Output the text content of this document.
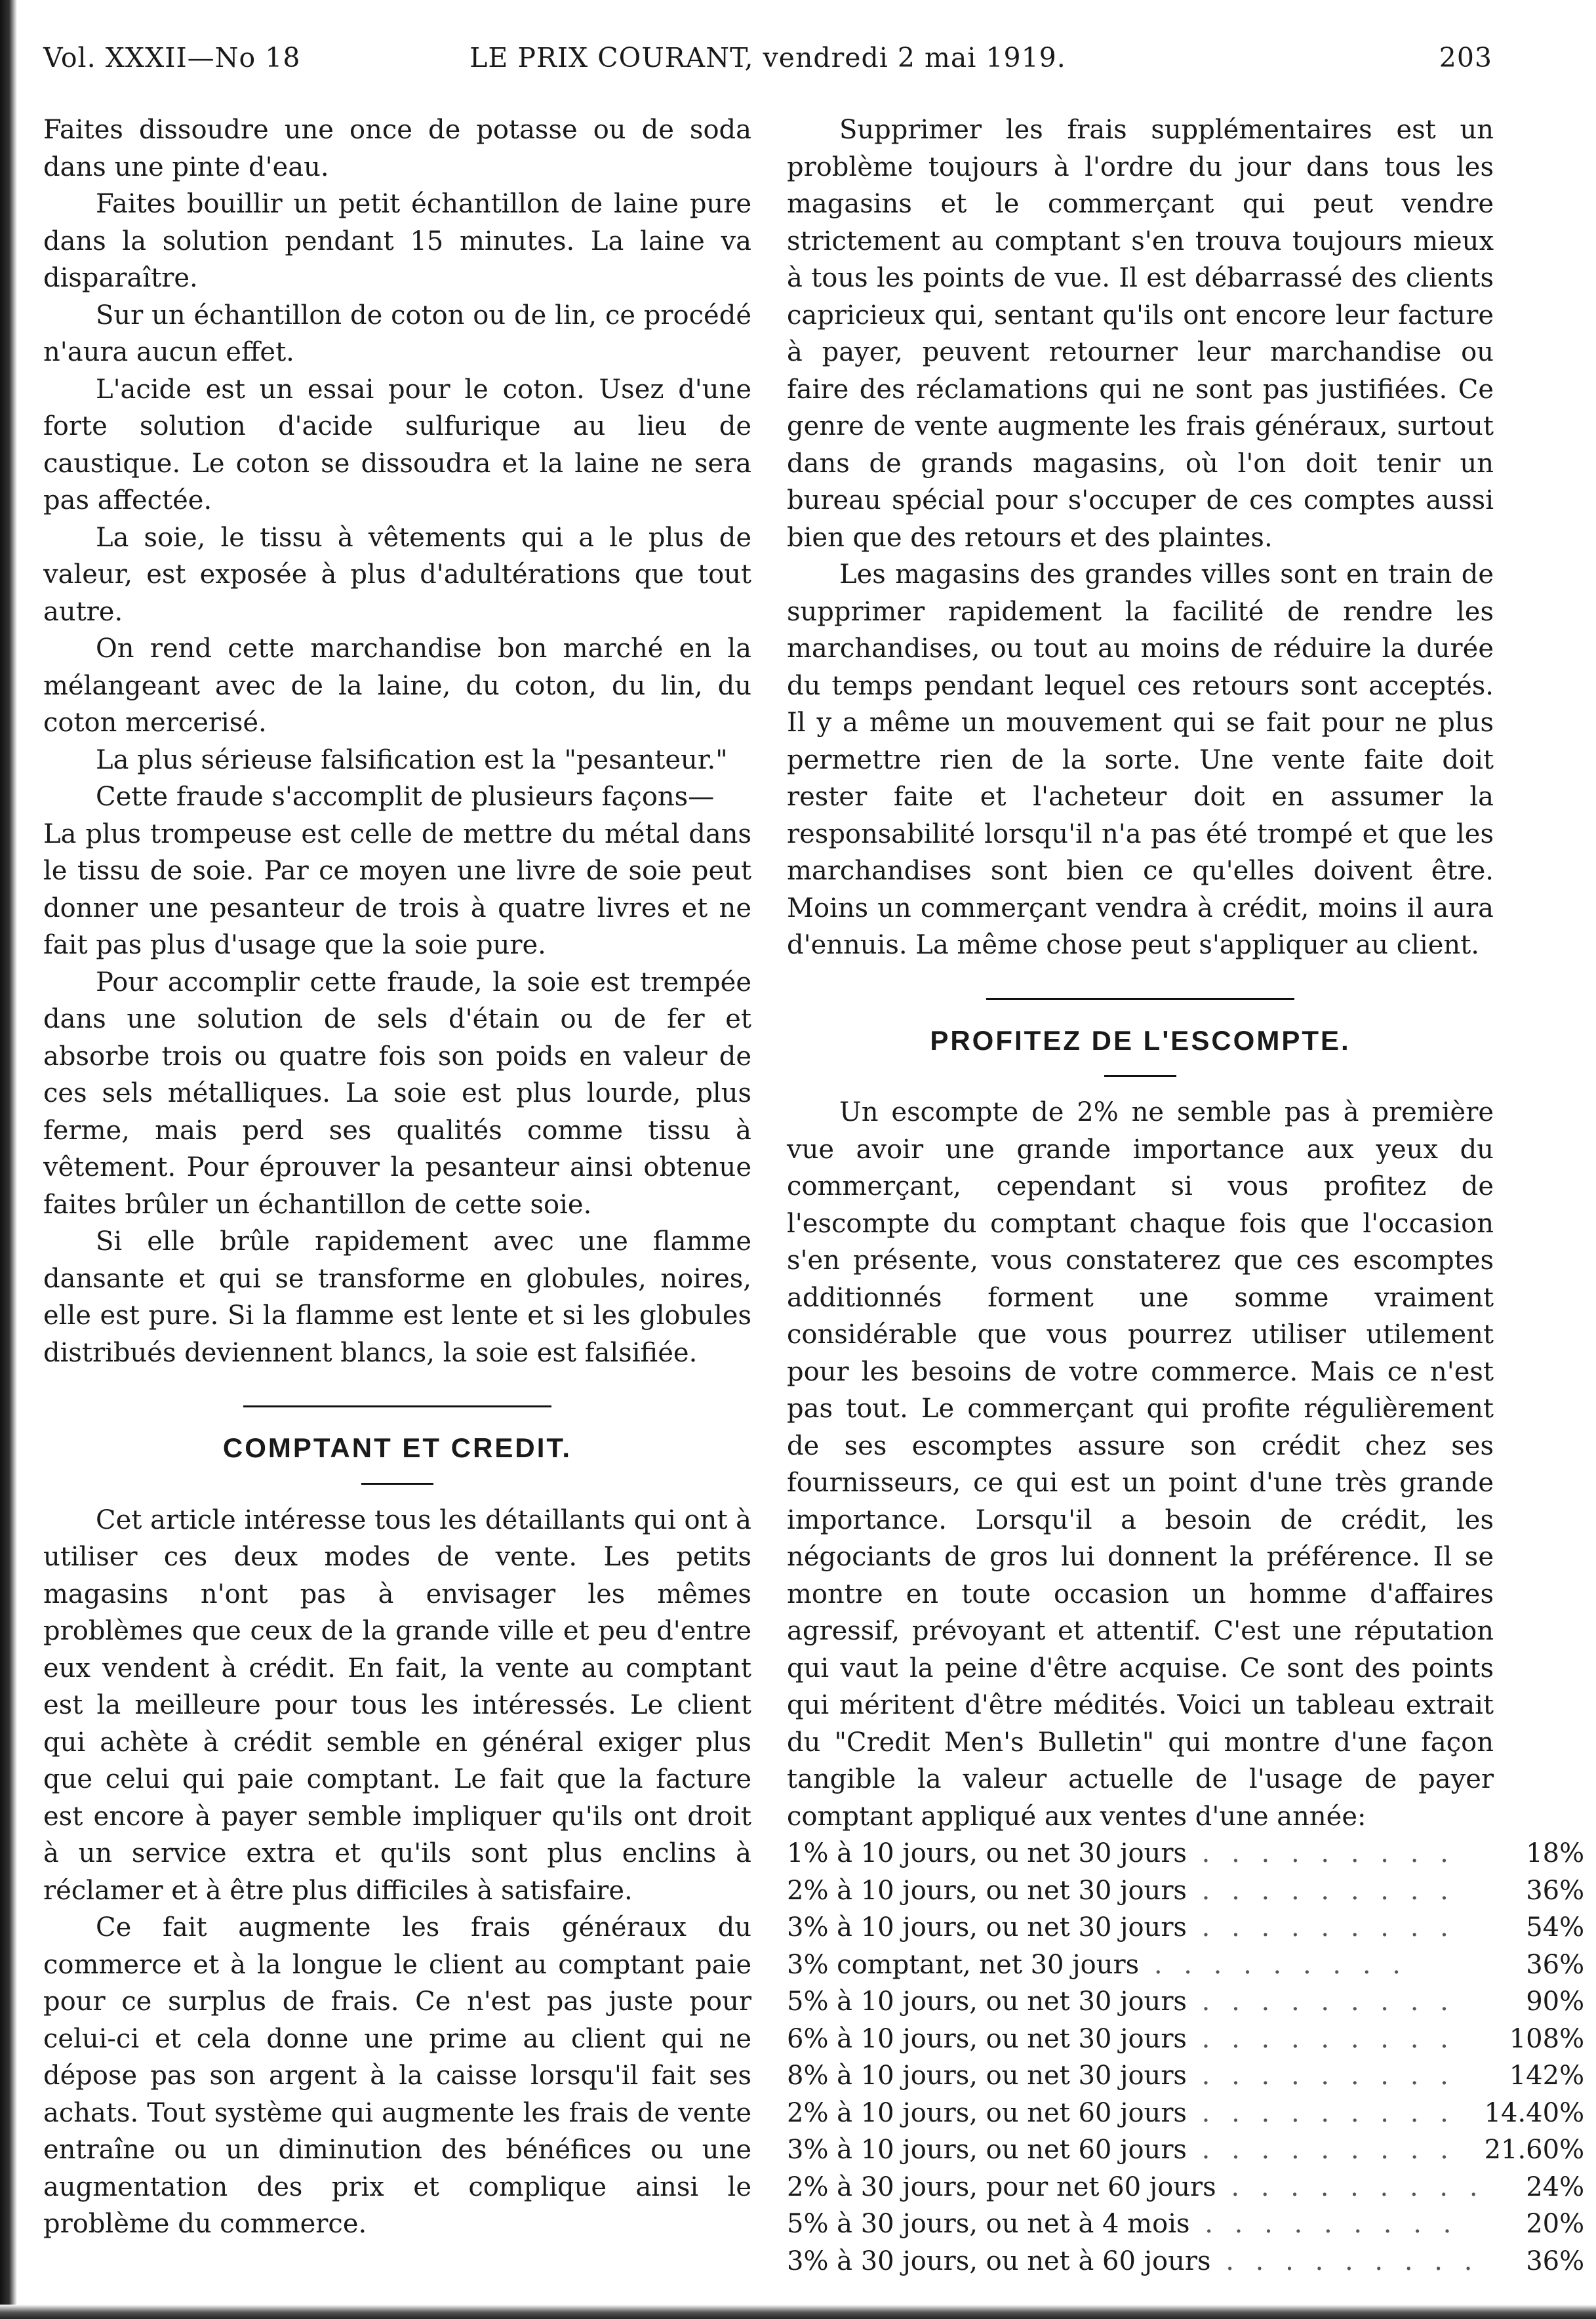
Vol. XXXII—No 18	LE PRIX COURANT, vendredi 2 mai 1919.	203

Faites dissoudre une once de potasse ou de soda dans une pinte d'eau.

Faites bouillir un petit échantillon de laine pure dans la solution pendant 15 minutes. La laine va disparaître.

Sur un échantillon de coton ou de lin, ce procédé n'aura aucun effet.

L'acide est un essai pour le coton. Usez d'une forte solution d'acide sulfurique au lieu de caustique. Le coton se dissoudra et la laine ne sera pas affectée.

La soie, le tissu à vêtements qui a le plus de valeur, est exposée à plus d'adultérations que tout autre.

On rend cette marchandise bon marché en la mélangeant avec de la laine, du coton, du lin, du coton mercerisé.

La plus sérieuse falsification est la "pesanteur."

Cette fraude s'accomplit de plusieurs façons—

La plus trompeuse est celle de mettre du métal dans le tissu de soie. Par ce moyen une livre de soie peut donner une pesanteur de trois à quatre livres et ne fait pas plus d'usage que la soie pure.

Pour accomplir cette fraude, la soie est trempée dans une solution de sels d'étain ou de fer et absorbe trois ou quatre fois son poids en valeur de ces sels métalliques. La soie est plus lourde, plus ferme, mais perd ses qualités comme tissu à vêtement. Pour éprouver la pesanteur ainsi obtenue faites brûler un échantillon de cette soie.

Si elle brûle rapidement avec une flamme dansante et qui se transforme en globules, noires, elle est pure. Si la flamme est lente et si les globules distribués deviennent blancs, la soie est falsifiée.

COMPTANT ET CREDIT.

Cet article intéresse tous les détaillants qui ont à utiliser ces deux modes de vente. Les petits magasins n'ont pas à envisager les mêmes problèmes que ceux de la grande ville et peu d'entre eux vendent à crédit. En fait, la vente au comptant est la meilleure pour tous les intéressés. Le client qui achète à crédit semble en général exiger plus que celui qui paie comptant. Le fait que la facture est encore à payer semble impliquer qu'ils ont droit à un service extra et qu'ils sont plus enclins à réclamer et à être plus difficiles à satisfaire.

Ce fait augmente les frais généraux du commerce et à la longue le client au comptant paie pour ce surplus de frais. Ce n'est pas juste pour celui-ci et cela donne une prime au client qui ne dépose pas son argent à la caisse lorsqu'il fait ses achats. Tout système qui augmente les frais de vente entraîne ou un diminution des bénéfices ou une augmentation des prix et complique ainsi le problème du commerce.

Supprimer les frais supplémentaires est un problème toujours à l'ordre du jour dans tous les magasins et le commerçant qui peut vendre strictement au comptant s'en trouva toujours mieux à tous les points de vue. Il est débarrassé des clients capricieux qui, sentant qu'ils ont encore leur facture à payer, peuvent retourner leur marchandise ou faire des réclamations qui ne sont pas justifiées. Ce genre de vente augmente les frais généraux, surtout dans de grands magasins, où l'on doit tenir un bureau spécial pour s'occuper de ces comptes aussi bien que des retours et des plaintes.

Les magasins des grandes villes sont en train de supprimer rapidement la facilité de rendre les marchandises, ou tout au moins de réduire la durée du temps pendant lequel ces retours sont acceptés. Il y a même un mouvement qui se fait pour ne plus permettre rien de la sorte. Une vente faite doit rester faite et l'acheteur doit en assumer la responsabilité lorsqu'il n'a pas été trompé et que les marchandises sont bien ce qu'elles doivent être. Moins un commerçant vendra à crédit, moins il aura d'ennuis. La même chose peut s'appliquer au client.

PROFITEZ DE L'ESCOMPTE.

Un escompte de 2% ne semble pas à première vue avoir une grande importance aux yeux du commerçant, cependant si vous profitez de l'escompte du comptant chaque fois que l'occasion s'en présente, vous constaterez que ces escomptes additionnés forment une somme vraiment considérable que vous pourrez utiliser utilement pour les besoins de votre commerce. Mais ce n'est pas tout. Le commerçant qui profite régulièrement de ses escomptes assure son crédit chez ses fournisseurs, ce qui est un point d'une très grande importance. Lorsqu'il a besoin de crédit, les négociants de gros lui donnent la préférence. Il se montre en toute occasion un homme d'affaires agressif, prévoyant et attentif. C'est une réputation qui vaut la peine d'être acquise. Ce sont des points qui méritent d'être médités. Voici un tableau extrait du "Credit Men's Bulletin" qui montre d'une façon tangible la valeur actuelle de l'usage de payer comptant appliqué aux ventes d'une année:

1% à 10 jours, ou net 30 jours . . . . . . . . .	18%
2% à 10 jours, ou net 30 jours . . . . . . . . .	36%
3% à 10 jours, ou net 30 jours . . . . . . . . .	54%
3% comptant, net 30 jours . . . . . . . . .	36%
5% à 10 jours, ou net 30 jours . . . . . . . . .	90%
6% à 10 jours, ou net 30 jours . . . . . . . . .	108%
8% à 10 jours, ou net 30 jours . . . . . . . . .	142%
2% à 10 jours, ou net 60 jours . . . . . . . . .	14.40%
3% à 10 jours, ou net 60 jours . . . . . . . . .	21.60%
2% à 30 jours, pour net 60 jours . . . . . . . . .	24%
5% à 30 jours, ou net à 4 mois . . . . . . . . .	20%
3% à 30 jours, ou net à 60 jours . . . . . . . . .	36%
